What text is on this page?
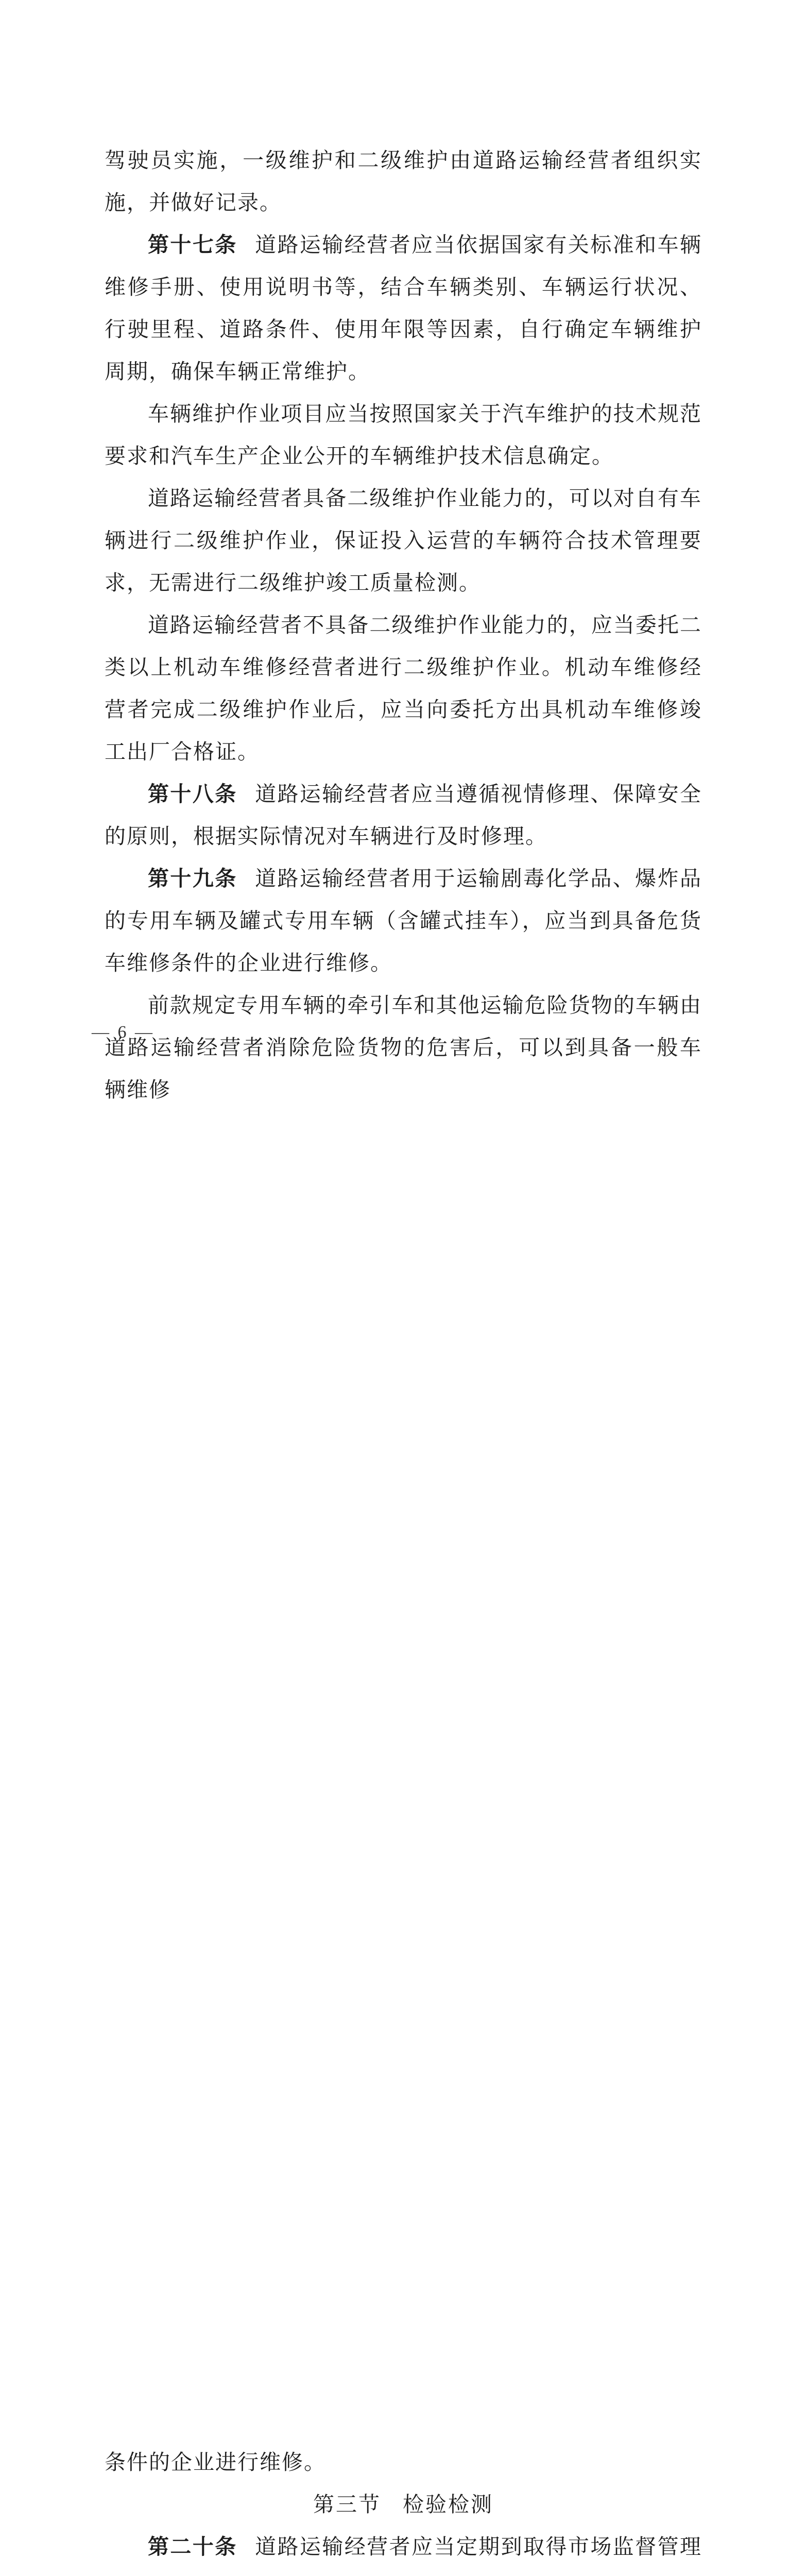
驾驶员实施，一级维护和二级维护由道路运输经营者组织实施，并做好记录。

第十七条 道路运输经营者应当依据国家有关标准和车辆维修手册、使用说明书等，结合车辆类别、车辆运行状况、行驶里程、道路条件、使用年限等因素，自行确定车辆维护周期，确保车辆正常维护。

车辆维护作业项目应当按照国家关于汽车维护的技术规范要求和汽车生产企业公开的车辆维护技术信息确定。

道路运输经营者具备二级维护作业能力的，可以对自有车辆进行二级维护作业，保证投入运营的车辆符合技术管理要求，无需进行二级维护竣工质量检测。

道路运输经营者不具备二级维护作业能力的，应当委托二类以上机动车维修经营者进行二级维护作业。机动车维修经营者完成二级维护作业后，应当向委托方出具机动车维修竣工出厂合格证。

第十八条 道路运输经营者应当遵循视情修理、保障安全的原则，根据实际情况对车辆进行及时修理。

第十九条 道路运输经营者用于运输剧毒化学品、爆炸品的专用车辆及罐式专用车辆（含罐式挂车），应当到具备危货车维修条件的企业进行维修。

前款规定专用车辆的牵引车和其他运输危险货物的车辆由道路运输经营者消除危险货物的危害后，可以到具备一般车辆维修

— 6 —

条件的企业进行维修。

第三节 检验检测

第二十条 道路运输经营者应当定期到取得市场监督管理
